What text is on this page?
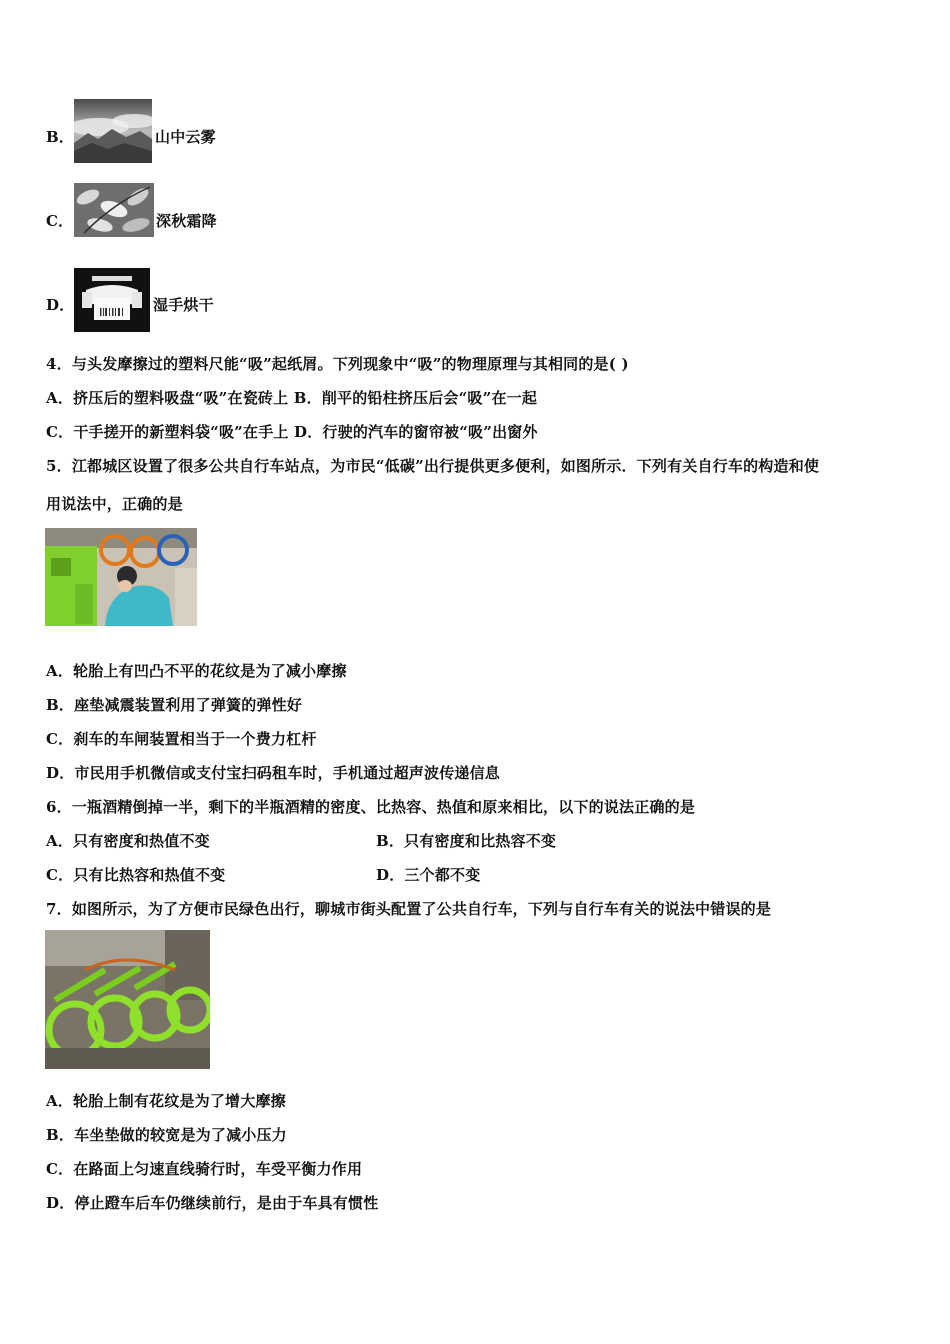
B．	山中云雾
C．	深秋霜降
D．	湿手烘干
4．与头发摩擦过的塑料尺能“吸”起纸屑。下列现象中“吸”的物理原理与其相同的是( )
A．挤压后的塑料吸盘“吸”在瓷砖上 B．削平的铅柱挤压后会“吸”在一起
C．干手搓开的新塑料袋“吸”在手上 D．行驶的汽车的窗帘被“吸”出窗外
5．江都城区设置了很多公共自行车站点，为市民“低碳”出行提供更多便利，如图所示．下列有关自行车的构造和使
用说法中，正确的是
A．轮胎上有凹凸不平的花纹是为了减小摩擦
B．座垫减震装置利用了弹簧的弹性好
C．刹车的车闸装置相当于一个费力杠杆
D．市民用手机微信或支付宝扫码租车时，手机通过超声波传递信息
6．一瓶酒精倒掉一半，剩下的半瓶酒精的密度、比热容、热值和原来相比，以下的说法正确的是
A．只有密度和热值不变	B．只有密度和比热容不变
C．只有比热容和热值不变	D．三个都不变
7．如图所示，为了方便市民绿色出行，聊城市街头配置了公共自行车，下列与自行车有关的说法中错误的是
A．轮胎上制有花纹是为了增大摩擦
B．车坐垫做的较宽是为了减小压力
C．在路面上匀速直线骑行时，车受平衡力作用
D．停止蹬车后车仍继续前行，是由于车具有惯性
